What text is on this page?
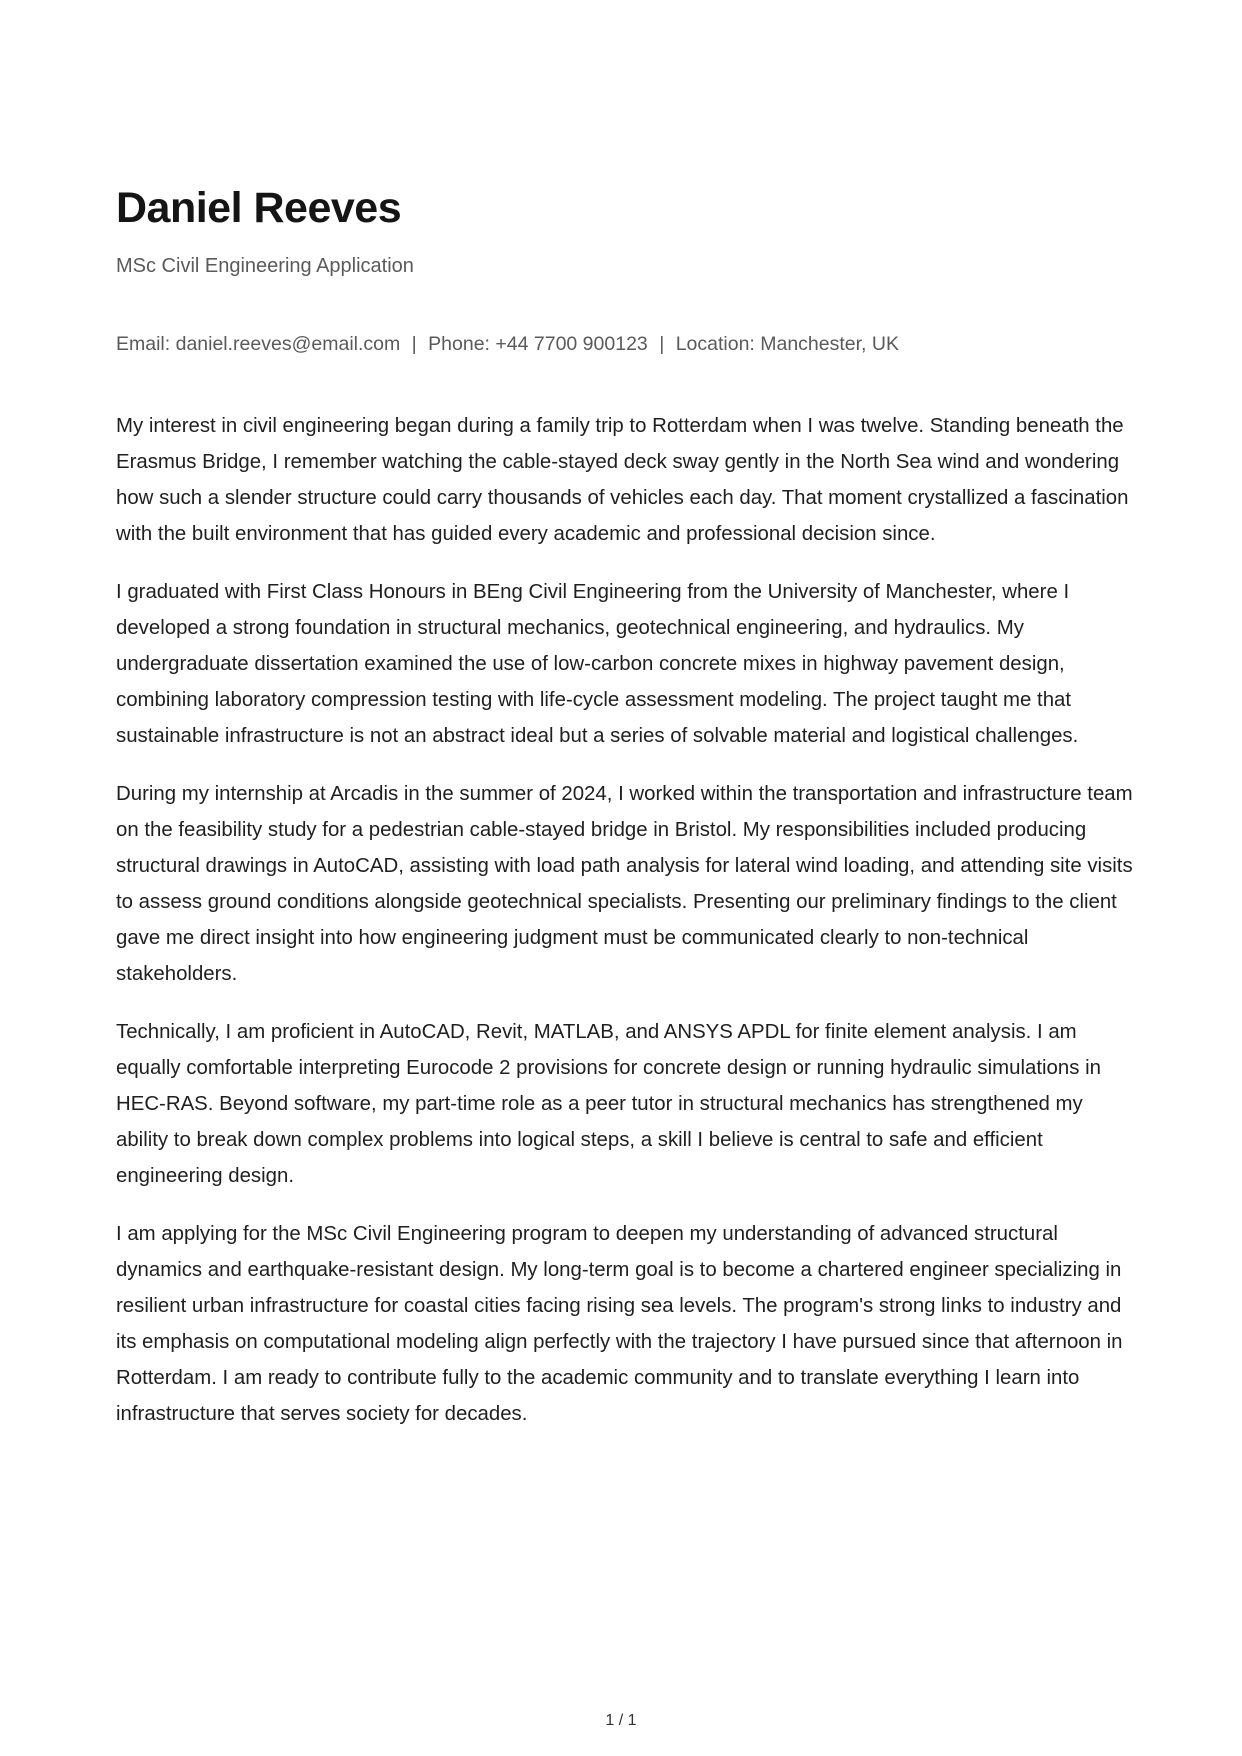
Daniel Reeves
MSc Civil Engineering Application
Email: daniel.reeves@email.com | Phone: +44 7700 900123 | Location: Manchester, UK

My interest in civil engineering began during a family trip to Rotterdam when I was twelve. Standing beneath the Erasmus Bridge, I remember watching the cable-stayed deck sway gently in the North Sea wind and wondering how such a slender structure could carry thousands of vehicles each day. That moment crystallized a fascination with the built environment that has guided every academic and professional decision since.

I graduated with First Class Honours in BEng Civil Engineering from the University of Manchester, where I developed a strong foundation in structural mechanics, geotechnical engineering, and hydraulics. My undergraduate dissertation examined the use of low-carbon concrete mixes in highway pavement design, combining laboratory compression testing with life-cycle assessment modeling. The project taught me that sustainable infrastructure is not an abstract ideal but a series of solvable material and logistical challenges.

During my internship at Arcadis in the summer of 2024, I worked within the transportation and infrastructure team on the feasibility study for a pedestrian cable-stayed bridge in Bristol. My responsibilities included producing structural drawings in AutoCAD, assisting with load path analysis for lateral wind loading, and attending site visits to assess ground conditions alongside geotechnical specialists. Presenting our preliminary findings to the client gave me direct insight into how engineering judgment must be communicated clearly to non-technical stakeholders.

Technically, I am proficient in AutoCAD, Revit, MATLAB, and ANSYS APDL for finite element analysis. I am equally comfortable interpreting Eurocode 2 provisions for concrete design or running hydraulic simulations in HEC-RAS. Beyond software, my part-time role as a peer tutor in structural mechanics has strengthened my ability to break down complex problems into logical steps, a skill I believe is central to safe and efficient engineering design.

I am applying for the MSc Civil Engineering program to deepen my understanding of advanced structural dynamics and earthquake-resistant design. My long-term goal is to become a chartered engineer specializing in resilient urban infrastructure for coastal cities facing rising sea levels. The program's strong links to industry and its emphasis on computational modeling align perfectly with the trajectory I have pursued since that afternoon in Rotterdam. I am ready to contribute fully to the academic community and to translate everything I learn into infrastructure that serves society for decades.

1 / 1
